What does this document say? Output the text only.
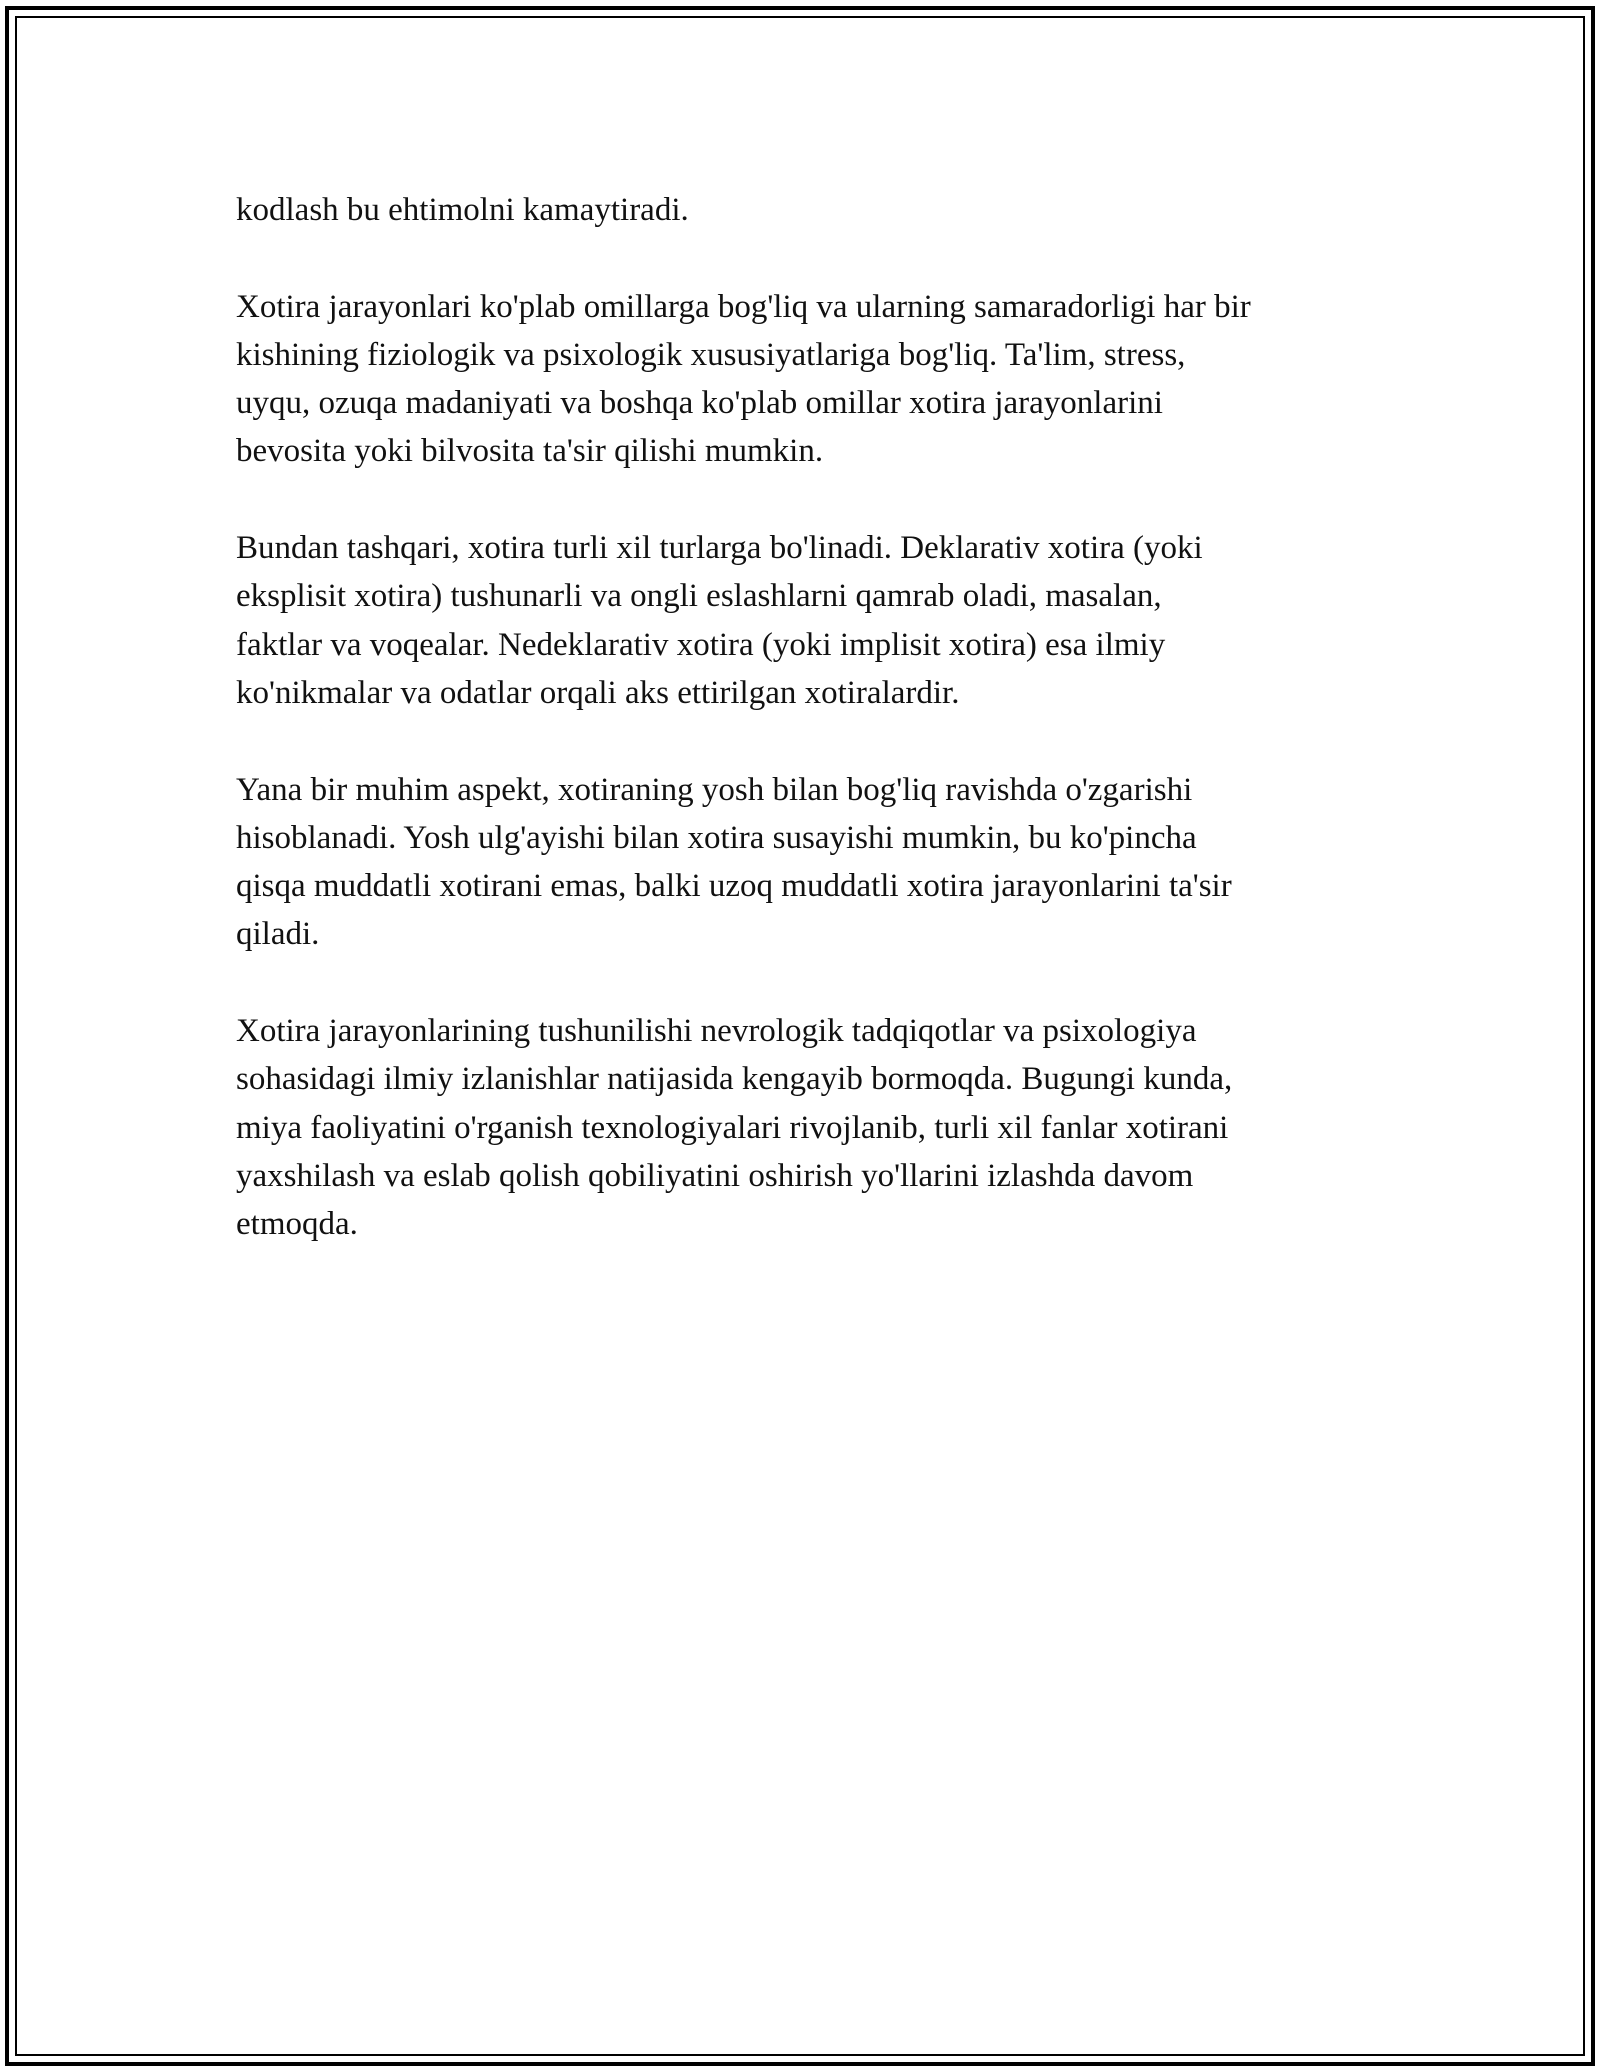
kodlash bu ehtimolni kamaytiradi.

Xotira jarayonlari ko'plab omillarga bog'liq va ularning samaradorligi har bir
kishining fiziologik va psixologik xususiyatlariga bog'liq. Ta'lim, stress,
uyqu, ozuqa madaniyati va boshqa ko'plab omillar xotira jarayonlarini
bevosita yoki bilvosita ta'sir qilishi mumkin.

Bundan tashqari, xotira turli xil turlarga bo'linadi. Deklarativ xotira (yoki
eksplisit xotira) tushunarli va ongli eslashlarni qamrab oladi, masalan,
faktlar va voqealar. Nedeklarativ xotira (yoki implisit xotira) esa ilmiy
ko'nikmalar va odatlar orqali aks ettirilgan xotiralardir.

Yana bir muhim aspekt, xotiraning yosh bilan bog'liq ravishda o'zgarishi
hisoblanadi. Yosh ulg'ayishi bilan xotira susayishi mumkin, bu ko'pincha
qisqa muddatli xotirani emas, balki uzoq muddatli xotira jarayonlarini ta'sir
qiladi.

Xotira jarayonlarining tushunilishi nevrologik tadqiqotlar va psixologiya
sohasidagi ilmiy izlanishlar natijasida kengayib bormoqda. Bugungi kunda,
miya faoliyatini o'rganish texnologiyalari rivojlanib, turli xil fanlar xotirani
yaxshilash va eslab qolish qobiliyatini oshirish yo'llarini izlashda davom
etmoqda.
